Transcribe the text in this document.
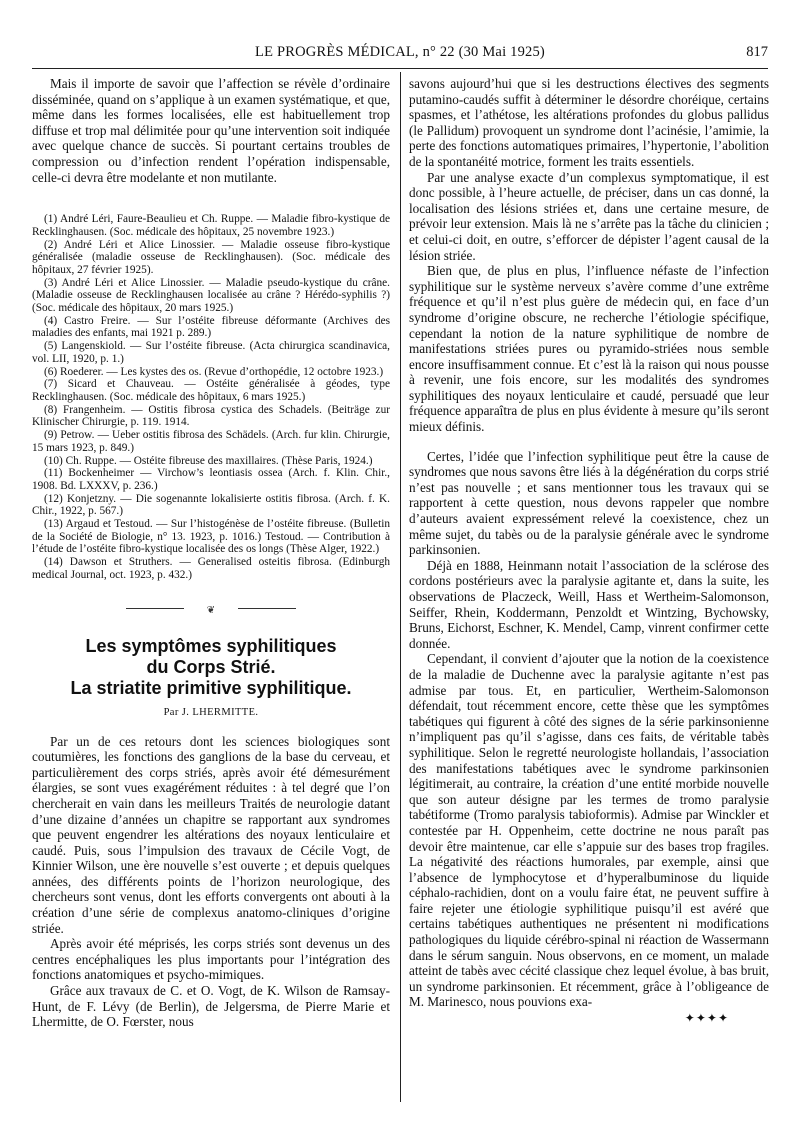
LE PROGRÈS MÉDICAL, n° 22 (30 Mai 1925)	817

Mais il importe de savoir que l’affection se révèle d’ordinaire disséminée, quand on s’applique à un examen systématique, et que, même dans les formes localisées, elle est habituellement trop diffuse et trop mal délimitée pour qu’une intervention soit indiquée avec quelque chance de succès. Si pourtant certains troubles de compression ou d’infection rendent l’opération indispensable, celle-ci devra être modelante et non mutilante.

(1) André Léri, Faure-Beaulieu et Ch. Ruppe. — Maladie fibro-kystique de Recklinghausen. (Soc. médicale des hôpitaux, 25 novembre 1923.)

(2) André Léri et Alice Linossier. — Maladie osseuse fibro-kystique généralisée (maladie osseuse de Recklinghausen). (Soc. médicale des hôpitaux, 27 février 1925).

(3) André Léri et Alice Linossier. — Maladie pseudo-kystique du crâne. (Maladie osseuse de Recklinghausen localisée au crâne ? Hérédo-syphilis ?) (Soc. médicale des hôpitaux, 20 mars 1925.)

(4) Castro Freire. — Sur l’ostéite fibreuse déformante (Archives des maladies des enfants, mai 1921 p. 289.)

(5) Langenskiold. — Sur l’ostéite fibreuse. (Acta chirurgica scandinavica, vol. LII, 1920, p. 1.)

(6) Roederer. — Les kystes des os. (Revue d’orthopédie, 12 octobre 1923.)

(7) Sicard et Chauveau. — Ostéite généralisée à géodes, type Recklinghausen. (Soc. médicale des hôpitaux, 6 mars 1925.)

(8) Frangenheim. — Ostitis fibrosa cystica des Schadels. (Beiträge zur Klinischer Chirurgie, p. 119. 1914.

(9) Petrow. — Ueber ostitis fibrosa des Schädels. (Arch. fur klin. Chirurgie, 15 mars 1923, p. 849.)

(10) Ch. Ruppe. — Ostéite fibreuse des maxillaires. (Thèse Paris, 1924.)

(11) Bockenheimer — Virchow’s leontiasis ossea (Arch. f. Klin. Chir., 1908. Bd. LXXXV, p. 236.)

(12) Konjetzny. — Die sogenannte lokalisierte ostitis fibrosa. (Arch. f. K. Chir., 1922, p. 567.)

(13) Argaud et Testoud. — Sur l’histogénèse de l’ostéite fibreuse. (Bulletin de la Société de Biologie, n° 13. 1923, p. 1016.) Testoud. — Contribution à l’étude de l’ostéite fibro-kystique localisée des os longs (Thèse Alger, 1922.)

(14) Dawson et Struthers. — Generalised osteitis fibrosa. (Edinburgh medical Journal, oct. 1923, p. 432.)

❦
Les symptômes syphilitiques
du Corps Strié.
La striatite primitive syphilitique.
Par J. LHERMITTE.

Par un de ces retours dont les sciences biologiques sont coutumières, les fonctions des ganglions de la base du cerveau, et particulièrement des corps striés, après avoir été démesurément élargies, se sont vues exagérément réduites : à tel degré que l’on chercherait en vain dans les meilleurs Traités de neurologie datant d’une dizaine d’années un chapitre se rapportant aux syndromes que peuvent engendrer les altérations des noyaux lenticulaire et caudé. Puis, sous l’impulsion des travaux de Cécile Vogt, de Kinnier Wilson, une ère nouvelle s’est ouverte ; et depuis quelques années, des différents points de l’horizon neurologique, des chercheurs sont venus, dont les efforts convergents ont abouti à la création d’une série de complexus anatomo-cliniques d’origine striée.

Après avoir été méprisés, les corps striés sont devenus un des centres encéphaliques les plus importants pour l’intégration des fonctions anatomiques et psycho-mimiques.

Grâce aux travaux de C. et O. Vogt, de K. Wilson de Ramsay-Hunt, de F. Lévy (de Berlin), de Jelgersma, de Pierre Marie et Lhermitte, de O. Fœrster, nous

savons aujourd’hui que si les destructions électives des segments putamino-caudés suffit à déterminer le désordre choréique, certains spasmes, et l’athétose, les altérations profondes du globus pallidus (le Pallidum) provoquent un syndrome dont l’acinésie, l’amimie, la perte des fonctions automatiques primaires, l’hypertonie, l’abolition de la spontanéité motrice, forment les traits essentiels.

Par une analyse exacte d’un complexus symptomatique, il est donc possible, à l’heure actuelle, de préciser, dans un cas donné, la localisation des lésions striées et, dans une certaine mesure, de prévoir leur extension. Mais là ne s’arrête pas la tâche du clinicien ; et celui-ci doit, en outre, s’efforcer de dépister l’agent causal de la lésion striée.

Bien que, de plus en plus, l’influence néfaste de l’infection syphilitique sur le système nerveux s’avère comme d’une extrême fréquence et qu’il n’est plus guère de médecin qui, en face d’un syndrome d’origine obscure, ne recherche l’étiologie spécifique, cependant la notion de la nature syphilitique de nombre de manifestations striées pures ou pyramido-striées nous semble encore insuffisamment connue. Et c’est là la raison qui nous pousse à revenir, une fois encore, sur les modalités des syndromes syphilitiques des noyaux lenticulaire et caudé, persuadé que leur fréquence apparaîtra de plus en plus évidente à mesure qu’ils seront mieux définis.

Certes, l’idée que l’infection syphilitique peut être la cause de syndromes que nous savons être liés à la dégénération du corps strié n’est pas nouvelle ; et sans mentionner tous les travaux qui se rapportent à cette question, nous devons rappeler que nombre d’auteurs avaient expressément relevé la coexistence, chez un même sujet, du tabès ou de la paralysie générale avec le syndrome parkinsonien.

Déjà en 1888, Heinmann notait l’association de la sclérose des cordons postérieurs avec la paralysie agitante et, dans la suite, les observations de Placzeck, Weill, Hass et Wertheim-Salomonson, Seiffer, Rhein, Koddermann, Penzoldt et Wintzing, Bychowsky, Bruns, Eichorst, Eschner, K. Mendel, Camp, vinrent confirmer cette donnée.

Cependant, il convient d’ajouter que la notion de la coexistence de la maladie de Duchenne avec la paralysie agitante n’est pas admise par tous. Et, en particulier, Wertheim-Salomonson défendait, tout récemment encore, cette thèse que les symptômes tabétiques qui figurent à côté des signes de la série parkinsonienne n’impliquent pas qu’il s’agisse, dans ces faits, de véritable tabès syphilitique. Selon le regretté neurologiste hollandais, l’association des manifestations tabétiques avec le syndrome parkinsonien légitimerait, au contraire, la création d’une entité morbide nouvelle que son auteur désigne par les termes de tromo paralysie tabétiforme (Tromo paralysis tabioformis). Admise par Winckler et contestée par H. Oppenheim, cette doctrine ne nous paraît pas devoir être maintenue, car elle s’appuie sur des bases trop fragiles. La négativité des réactions humorales, par exemple, ainsi que l’absence de lymphocytose et d’hyperalbuminose du liquide céphalo-rachidien, dont on a voulu faire état, ne peuvent suffire à faire rejeter une étiologie syphilitique puisqu’il est avéré que certains tabétiques authentiques ne présentent ni modifications pathologiques du liquide cérébro-spinal ni réaction de Wassermann dans le sérum sanguin. Nous observons, en ce moment, un malade atteint de tabès avec cécité classique chez lequel évolue, à bas bruit, un syndrome parkinsonien. Et récemment, grâce à l’obligeance de M. Marinesco, nous pouvions exa-

✦✦✦✦
